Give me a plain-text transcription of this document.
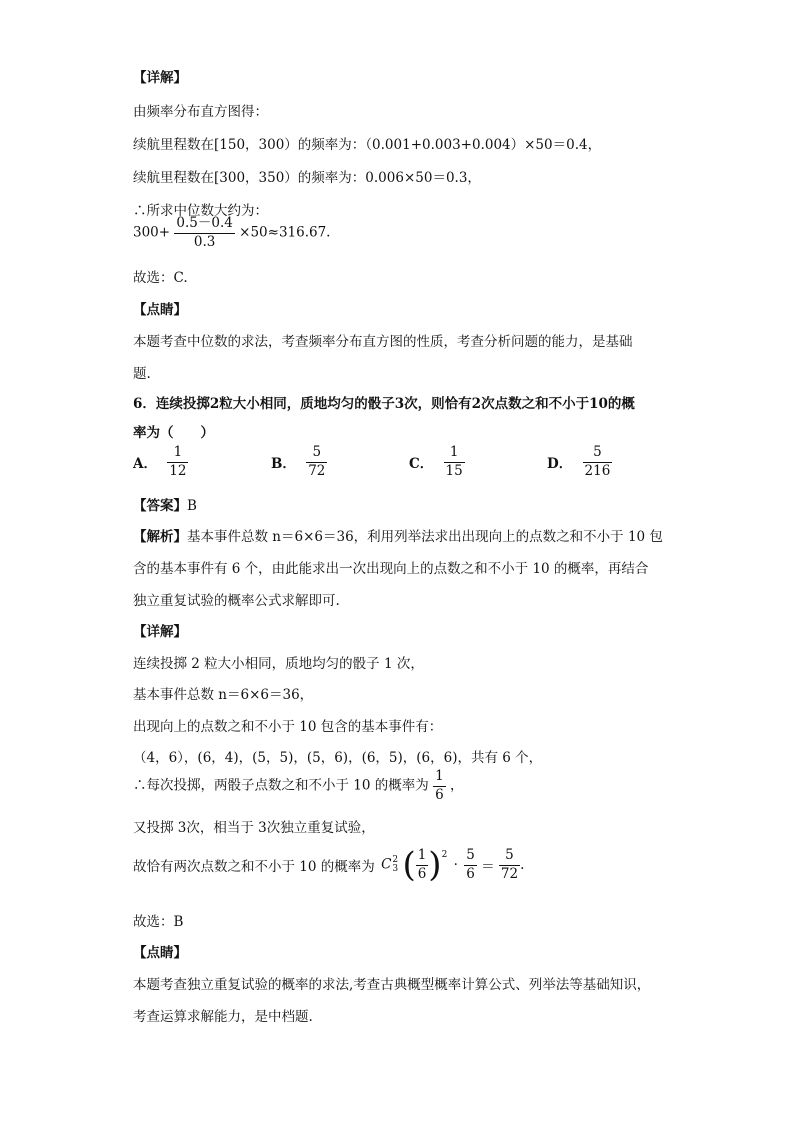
【详解】
由频率分布直方图得：
续航里程数在[150，300）的频率为：（0.001+0.003+0.004）×50＝0.4，
续航里程数在[300，350）的频率为：0.006×50＝0.3，
∴所求中位数大约为：
$300+ \frac{0.5-0.4}{0.3} \times 50\approx 316.67$.
故选：C.
【点睛】
本题考查中位数的求法，考查频率分布直方图的性质，考查分析问题的能力，是基础
题.
6．连续投掷2粒大小相同，质地均匀的骰子3次，则恰有2次点数之和不小于10的概
率为（　　）
A． $\frac{1}{12}$	B． $\frac{5}{72}$	C． $\frac{1}{15}$	D． $\frac{5}{216}$
【答案】B
【解析】基本事件总数 n＝6×6＝36，利用列举法求出出现向上的点数之和不小于 10 包
含的基本事件有 6 个，由此能求出一次出现向上的点数之和不小于 10 的概率，再结合
独立重复试验的概率公式求解即可.
【详解】
连续投掷 2 粒大小相同，质地均匀的骰子 1 次，
基本事件总数 n＝6×6＝36，
出现向上的点数之和不小于 10 包含的基本事件有：
（4，6），(6，4)，(5，5)，(5，6)，(6，5)，(6，6)，共有 6 个，
∴每次投掷，两骰子点数之和不小于 10 的概率为 $\frac{1}{6}$ ，
又投掷 3次，相当于 3次独立重复试验，
故恰有两次点数之和不小于 10 的概率为 C 2
3 ( $\frac{1}{6} )^2 \cdot \frac{5}{6} = \frac{5}{72}$ .
故选：B
【点睛】
本题考查独立重复试验的概率的求法,考查古典概型概率计算公式、列举法等基础知识，
考查运算求解能力，是中档题.
